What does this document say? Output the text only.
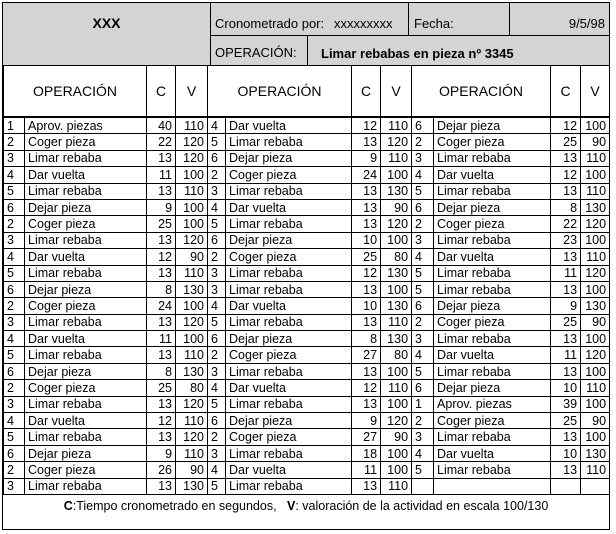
XXX	Cronometrado por: xxxxxxxxx Fecha:	9/5/98
OPERACIÓN: Limar rebabas en pieza nº 3345
OPERACIÓN		C	V	OPERACIÓN		C	V	OPERACIÓN		C	V
1	Aprov. piezas	40	110	4	Dar vuelta	12	110	6	Dejar pieza	12	100
2	Coger pieza	22	120	5	Limar rebaba	13	120	2	Coger pieza	25	90
3	Limar rebaba	13	120	6	Dejar pieza	9	110	3	Limar rebaba	13	110
4	Dar vuelta	11	100	2	Coger pieza	24	100	4	Dar vuelta	12	100
5	Limar rebaba	13	110	3	Limar rebaba	13	130	5	Limar rebaba	13	110
6	Dejar pieza	9	100	4	Dar vuelta	13	90	6	Dejar pieza	8	130
2	Coger pieza	25	100	5	Limar rebaba	13	120	2	Coger pieza	22	120
3	Limar rebaba	13	120	6	Dejar pieza	10	100	3	Limar rebaba	23	100
4	Dar vuelta	12	90	2	Coger pieza	25	80	4	Dar vuelta	13	110
5	Limar rebaba	13	110	3	Limar rebaba	12	130	5	Limar rebaba	11	120
6	Dejar pieza	8	130	3	Limar rebaba	13	100	5	Limar rebaba	13	100
2	Coger pieza	24	100	4	Dar vuelta	10	130	6	Dejar pieza	9	130
3	Limar rebaba	13	120	5	Limar rebaba	13	110	2	Coger pieza	25	90
4	Dar vuelta	11	100	6	Dejar pieza	8	130	3	Limar rebaba	13	100
5	Limar rebaba	13	110	2	Coger pieza	27	80	4	Dar vuelta	11	120
6	Dejar pieza	8	130	3	Limar rebaba	13	100	5	Limar rebaba	13	100
2	Coger pieza	25	80	4	Dar vuelta	12	110	6	Dejar pieza	10	110
3	Limar rebaba	13	120	5	Limar rebaba	13	100	1	Aprov. piezas	39	100
4	Dar vuelta	12	110	6	Dejar pieza	9	120	2	Coger pieza	25	90
5	Limar rebaba	13	120	2	Coger pieza	27	90	3	Limar rebaba	13	100
6	Dejar pieza	9	110	3	Limar rebaba	18	100	4	Dar vuelta	10	130
2	Coger pieza	26	90	4	Dar vuelta	11	100	5	Limar rebaba	13	110
3	Limar rebaba	13	130	5	Limar rebaba	13	110				
C:Tiempo cronometrado en segundos, V: valoración de la actividad en escala 100/130
